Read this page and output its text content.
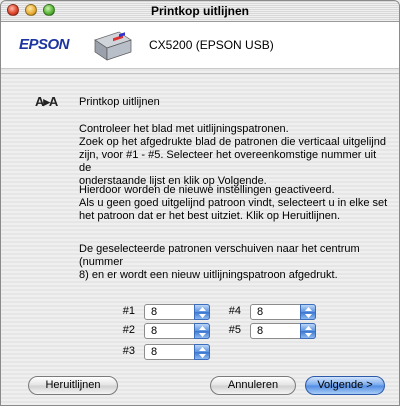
Printkop uitlijnen
EPSON	CX5200 (EPSON USB)
A▸A Printkop uitlijnen
Controleer het blad met uitlijningspatronen.
Zoek op het afgedrukte blad de patronen die verticaal uitgelijnd
zijn, voor #1 - #5. Selecteer het overeenkomstige nummer uit de
onderstaande lijst en klik op Volgende.
Hierdoor worden de nieuwe instellingen geactiveerd.
Als u geen goed uitgelijnd patroon vindt, selecteert u in elke set
het patroon dat er het best uitziet. Klik op Heruitlijnen.
De geselecteerde patronen verschuiven naar het centrum (nummer
8) en er wordt een nieuw uitlijningspatroon afgedrukt.
#1 8
#2 8
#3 8
#4 8
#5 8
Heruitlijnen	Annuleren	Volgende >
